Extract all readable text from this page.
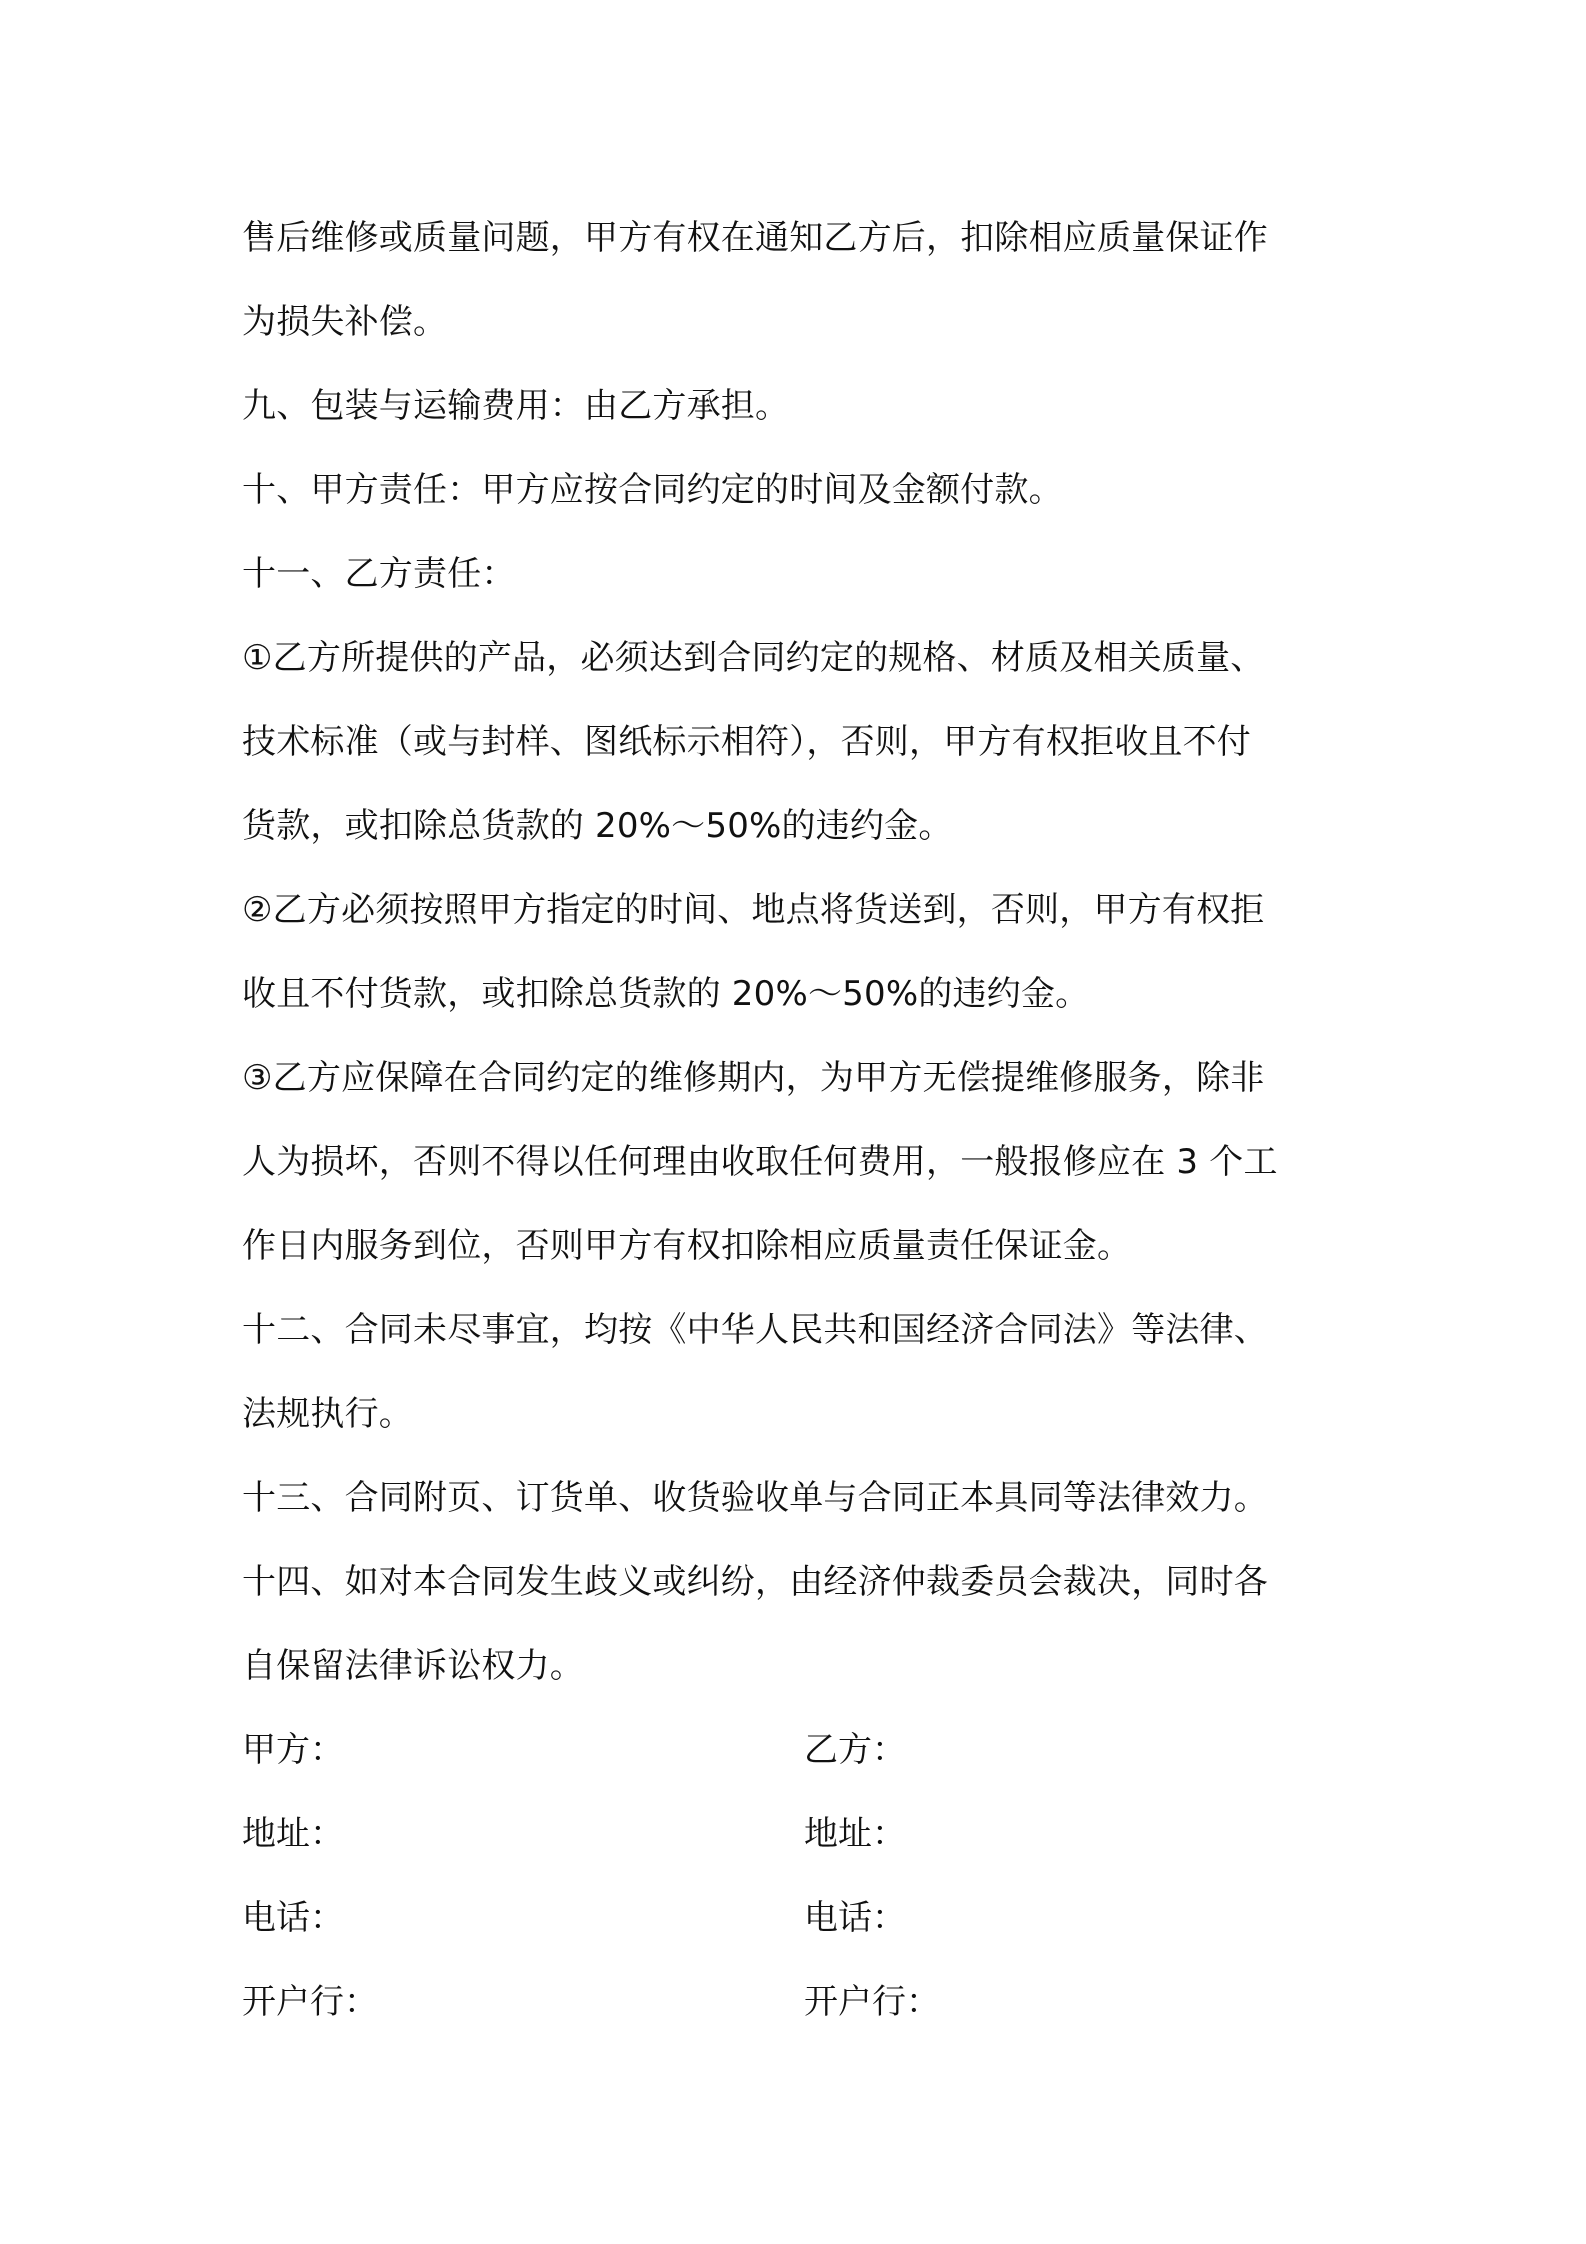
售后维修或质量问题，甲方有权在通知乙方后，扣除相应质量保证作
为损失补偿。
九、包装与运输费用：由乙方承担。
十、甲方责任：甲方应按合同约定的时间及金额付款。
十一、乙方责任：
①乙方所提供的产品，必须达到合同约定的规格、材质及相关质量、
技术标准（或与封样、图纸标示相符），否则，甲方有权拒收且不付
货款，或扣除总货款的 20%～50%的违约金。
②乙方必须按照甲方指定的时间、地点将货送到，否则，甲方有权拒
收且不付货款，或扣除总货款的 20%～50%的违约金。
③乙方应保障在合同约定的维修期内，为甲方无偿提维修服务，除非
人为损坏，否则不得以任何理由收取任何费用，一般报修应在 3 个工
作日内服务到位，否则甲方有权扣除相应质量责任保证金。
十二、合同未尽事宜，均按《中华人民共和国经济合同法》等法律、
法规执行。
十三、合同附页、订货单、收货验收单与合同正本具同等法律效力。
十四、如对本合同发生歧义或纠纷，由经济仲裁委员会裁决，同时各
自保留法律诉讼权力。
甲方：	乙方：
地址：	地址：
电话：	电话：
开户行：	开户行：
